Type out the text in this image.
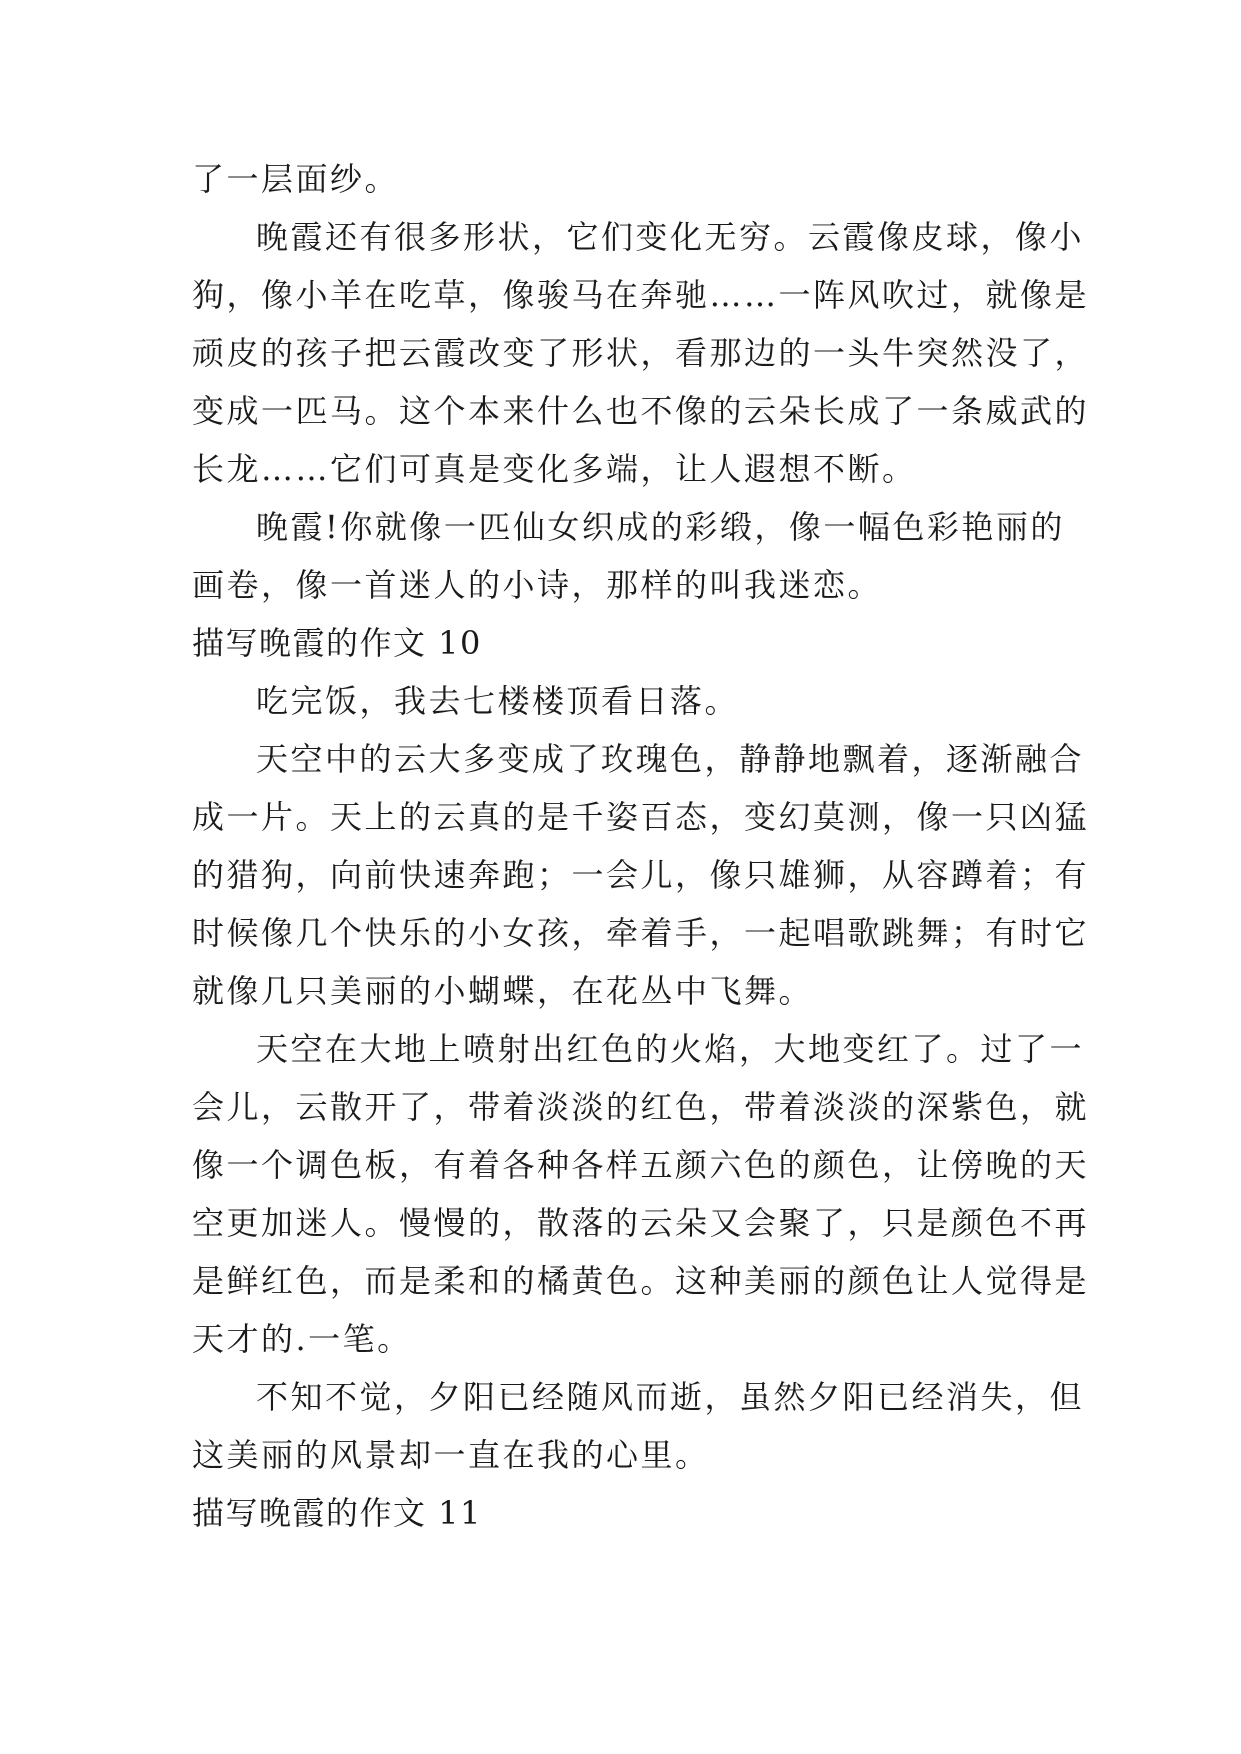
了一层面纱。
晚霞还有很多形状，它们变化无穷。云霞像皮球，像小
狗，像小羊在吃草，像骏马在奔驰……一阵风吹过，就像是
顽皮的孩子把云霞改变了形状，看那边的一头牛突然没了，
变成一匹马。这个本来什么也不像的云朵长成了一条威武的
长龙……它们可真是变化多端，让人遐想不断。
晚霞!你就像一匹仙女织成的彩缎，像一幅色彩艳丽的
画卷，像一首迷人的小诗，那样的叫我迷恋。
描写晚霞的作文 10
吃完饭，我去七楼楼顶看日落。
天空中的云大多变成了玫瑰色，静静地飘着，逐渐融合
成一片。天上的云真的是千姿百态，变幻莫测，像一只凶猛
的猎狗，向前快速奔跑；一会儿，像只雄狮，从容蹲着；有
时候像几个快乐的小女孩，牵着手，一起唱歌跳舞；有时它
就像几只美丽的小蝴蝶，在花丛中飞舞。
天空在大地上喷射出红色的火焰，大地变红了。过了一
会儿，云散开了，带着淡淡的红色，带着淡淡的深紫色，就
像一个调色板，有着各种各样五颜六色的颜色，让傍晚的天
空更加迷人。慢慢的，散落的云朵又会聚了，只是颜色不再
是鲜红色，而是柔和的橘黄色。这种美丽的颜色让人觉得是
天才的.一笔。
不知不觉，夕阳已经随风而逝，虽然夕阳已经消失，但
这美丽的风景却一直在我的心里。
描写晚霞的作文 11
